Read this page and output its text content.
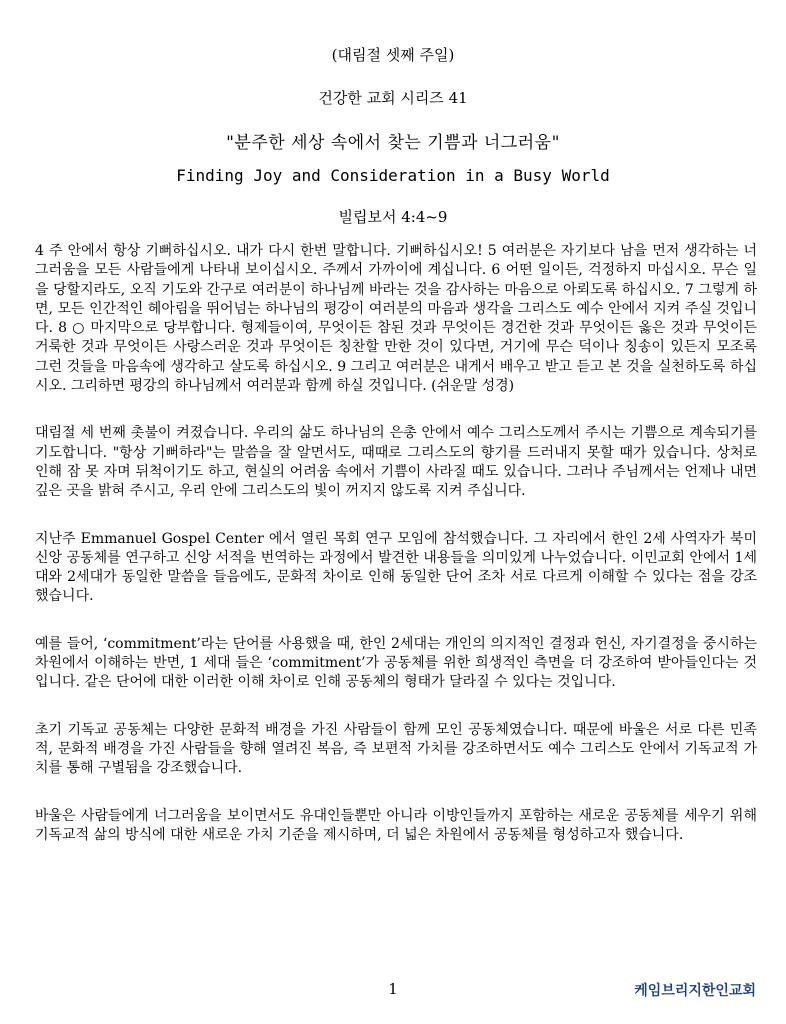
(대림절 셋째 주일)
건강한 교회 시리즈 41
"분주한 세상 속에서 찾는 기쁨과 너그러움"
Finding Joy and Consideration in a Busy World
빌립보서 4:4~9

4 주 안에서 항상 기뻐하십시오. 내가 다시 한번 말합니다. 기뻐하십시오! 5 여러분은 자기보다 남을 먼저 생각하는 너그러움을 모든 사람들에게 나타내 보이십시오. 주께서 가까이에 계십니다. 6 어떤 일이든, 걱정하지 마십시오. 무슨 일을 당할지라도, 오직 기도와 간구로 여러분이 하나님께 바라는 것을 감사하는 마음으로 아뢰도록 하십시오. 7 그렇게 하면, 모든 인간적인 헤아림을 뛰어넘는 하나님의 평강이 여러분의 마음과 생각을 그리스도 예수 안에서 지켜 주실 것입니다. 8 ○ 마지막으로 당부합니다. 형제들이여, 무엇이든 참된 것과 무엇이든 경건한 것과 무엇이든 옳은 것과 무엇이든 거룩한 것과 무엇이든 사랑스러운 것과 무엇이든 칭찬할 만한 것이 있다면, 거기에 무슨 덕이나 칭송이 있든지 모조록 그런 것들을 마음속에 생각하고 살도록 하십시오. 9 그리고 여러분은 내게서 배우고 받고 듣고 본 것을 실천하도록 하십시오. 그리하면 평강의 하나님께서 여러분과 함께 하실 것입니다. (쉬운말 성경)

대림절 세 번째 촛불이 켜졌습니다. 우리의 삶도 하나님의 은총 안에서 예수 그리스도께서 주시는 기쁨으로 계속되기를 기도합니다. "항상 기뻐하라"는 말씀을 잘 알면서도, 때때로 그리스도의 향기를 드러내지 못할 때가 있습니다. 상처로 인해 잠 못 자며 뒤척이기도 하고, 현실의 어려움 속에서 기쁨이 사라질 때도 있습니다. 그러나 주님께서는 언제나 내면 깊은 곳을 밝혀 주시고, 우리 안에 그리스도의 빛이 꺼지지 않도록 지켜 주십니다.

지난주 Emmanuel Gospel Center 에서 열린 목회 연구 모임에 참석했습니다. 그 자리에서 한인 2세 사역자가 북미 신앙 공동체를 연구하고 신앙 서적을 번역하는 과정에서 발견한 내용들을 의미있게 나누었습니다. 이민교회 안에서 1세대와 2세대가 동일한 말씀을 들음에도, 문화적 차이로 인해 동일한 단어 조차 서로 다르게 이해할 수 있다는 점을 강조했습니다.

예를 들어, ‘commitment’라는 단어를 사용했을 때, 한인 2세대는 개인의 의지적인 결정과 헌신, 자기결정을 중시하는 차원에서 이해하는 반면, 1 세대 들은 ‘commitment’가 공동체를 위한 희생적인 측면을 더 강조하여 받아들인다는 것입니다. 같은 단어에 대한 이러한 이해 차이로 인해 공동체의 형태가 달라질 수 있다는 것입니다.

초기 기독교 공동체는 다양한 문화적 배경을 가진 사람들이 함께 모인 공동체였습니다. 때문에 바울은 서로 다른 민족적, 문화적 배경을 가진 사람들을 향해 열려진 복음, 즉 보편적 가치를 강조하면서도 예수 그리스도 안에서 기독교적 가치를 통해 구별됨을 강조했습니다.

바울은 사람들에게 너그러움을 보이면서도 유대인들뿐만 아니라 이방인들까지 포함하는 새로운 공동체를 세우기 위해 기독교적 삶의 방식에 대한 새로운 가치 기준을 제시하며, 더 넓은 차원에서 공동체를 형성하고자 했습니다.

1	케임브리지한인교회
